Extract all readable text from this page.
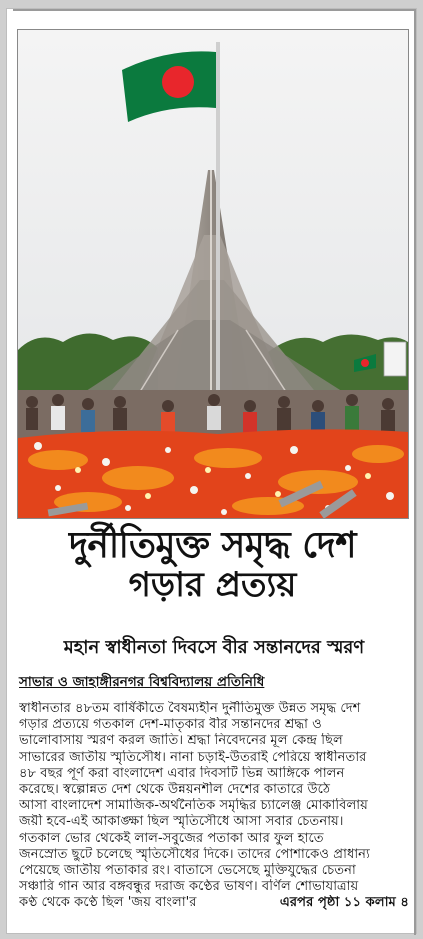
দুর্নীতিমুক্ত সমৃদ্ধ দেশ
গড়ার প্রত্যয়
মহান স্বাধীনতা দিবসে বীর সন্তানদের স্মরণ
সাভার ও জাহাঙ্গীরনগর বিশ্ববিদ্যালয় প্রতিনিধি
স্বাধীনতার ৪৮তম বার্ষিকীতে বৈষম্যহীন দুর্নীতিমুক্ত উন্নত সমৃদ্ধ দেশ
গড়ার প্রত্যয়ে গতকাল দেশ-মাতৃকার বীর সন্তানদের শ্রদ্ধা ও
ভালোবাসায় স্মরণ করল জাতি। শ্রদ্ধা নিবেদনের মূল কেন্দ্র ছিল
সাভারের জাতীয় স্মৃতিসৌধ। নানা চড়াই-উতরাই পেরিয়ে স্বাধীনতার
৪৮ বছর পূর্ণ করা বাংলাদেশ এবার দিবসটি ভিন্ন আঙ্গিকে পালন
করেছে। স্বল্পোন্নত দেশ থেকে উন্নয়নশীল দেশের কাতারে উঠে
আসা বাংলাদেশ সামাজিক-অর্থনৈতিক সমৃদ্ধির চ্যালেঞ্জ মোকাবিলায়
জয়ী হবে-এই আকাঙ্ক্ষা ছিল স্মৃতিসৌধে আসা সবার চেতনায়।
গতকাল ভোর থেকেই লাল-সবুজের পতাকা আর ফুল হাতে
জনস্রোত ছুটে চলেছে স্মৃতিসৌধের দিকে। তাদের পোশাকেও প্রাধান্য
পেয়েছে জাতীয় পতাকার রং। বাতাসে ভেসেছে মুক্তিযুদ্ধের চেতনা
সঞ্চারি গান আর বঙ্গবন্ধুর দরাজ কণ্ঠের ভাষণ। বর্ণিল শোভাযাত্রায়
কণ্ঠ থেকে কণ্ঠে ছিল 'জয় বাংলা'র	এরপর পৃষ্ঠা ১১ কলাম ৪
